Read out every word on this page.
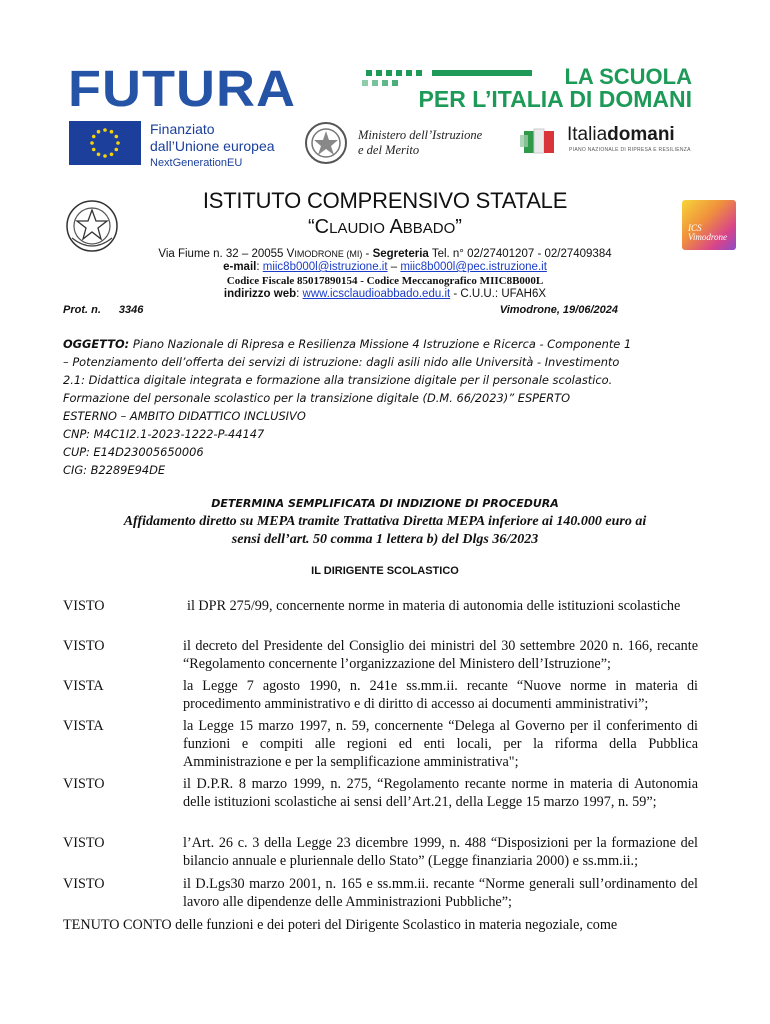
FUTURA	LA SCUOLA
PER L’ITALIA DI DOMANI
Finanziato
dall’Unione europea
NextGenerationEU
Ministero dell’Istruzione
e del Merito
Italiadomani
PIANO NAZIONALE DI RIPRESA E RESILIENZA
ISTITUTO COMPRENSIVO STATALE
“CLAUDIO ABBADO”	ICS Vimodrone
Via Fiume n. 32 – 20055 VIMODRONE (MI) - Segreteria Tel. n° 02/27401207 - 02/27409384
e-mail: miic8b000l@istruzione.it – miic8b000l@pec.istruzione.it
Codice Fiscale 85017890154 - Codice Meccanografico MIIC8B000L
indirizzo web: www.icsclaudioabbado.edu.it - C.U.U.: UFAH6X
Prot. n. 3346	Vimodrone, 19/06/2024
OGGETTO: Piano Nazionale di Ripresa e Resilienza Missione 4 Istruzione e Ricerca - Componente 1
– Potenziamento dell’offerta dei servizi di istruzione: dagli asili nido alle Università - Investimento
2.1: Didattica digitale integrata e formazione alla transizione digitale per il personale scolastico.
Formazione del personale scolastico per la transizione digitale (D.M. 66/2023)” ESPERTO
ESTERNO – AMBITO DIDATTICO INCLUSIVO
CNP: M4C1I2.1-2023-1222-P-44147
CUP: E14D23005650006
CIG: B2289E94DE
DETERMINA SEMPLIFICATA DI INDIZIONE DI PROCEDURA
Affidamento diretto su MEPA tramite Trattativa Diretta MEPA inferiore ai 140.000 euro ai
sensi dell’art. 50 comma 1 lettera b) del Dlgs 36/2023
IL DIRIGENTE SCOLASTICO
VISTO	il DPR 275/99, concernente norme in materia di autonomia delle istituzioni scolastiche
VISTO	il decreto del Presidente del Consiglio dei ministri del 30 settembre 2020 n. 166, recante “Regolamento concernente l’organizzazione del Ministero dell’Istruzione”;
VISTA	la Legge 7 agosto 1990, n. 241e ss.mm.ii. recante “Nuove norme in materia di procedimento amministrativo e di diritto di accesso ai documenti amministrativi”;
VISTA	la Legge 15 marzo 1997, n. 59, concernente “Delega al Governo per il conferimento di funzioni e compiti alle regioni ed enti locali, per la riforma della Pubblica Amministrazione e per la semplificazione amministrativa";
VISTO	il D.P.R. 8 marzo 1999, n. 275, “Regolamento recante norme in materia di Autonomia delle istituzioni scolastiche ai sensi dell’Art.21, della Legge 15 marzo 1997, n. 59”;
VISTO	l’Art. 26 c. 3 della Legge 23 dicembre 1999, n. 488 “Disposizioni per la formazione del bilancio annuale e pluriennale dello Stato” (Legge finanziaria 2000) e ss.mm.ii.;
VISTO	il D.Lgs30 marzo 2001, n. 165 e ss.mm.ii. recante “Norme generali sull’ordinamento del lavoro alle dipendenze delle Amministrazioni Pubbliche”;
TENUTO CONTO delle funzioni e dei poteri del Dirigente Scolastico in materia negoziale, come
